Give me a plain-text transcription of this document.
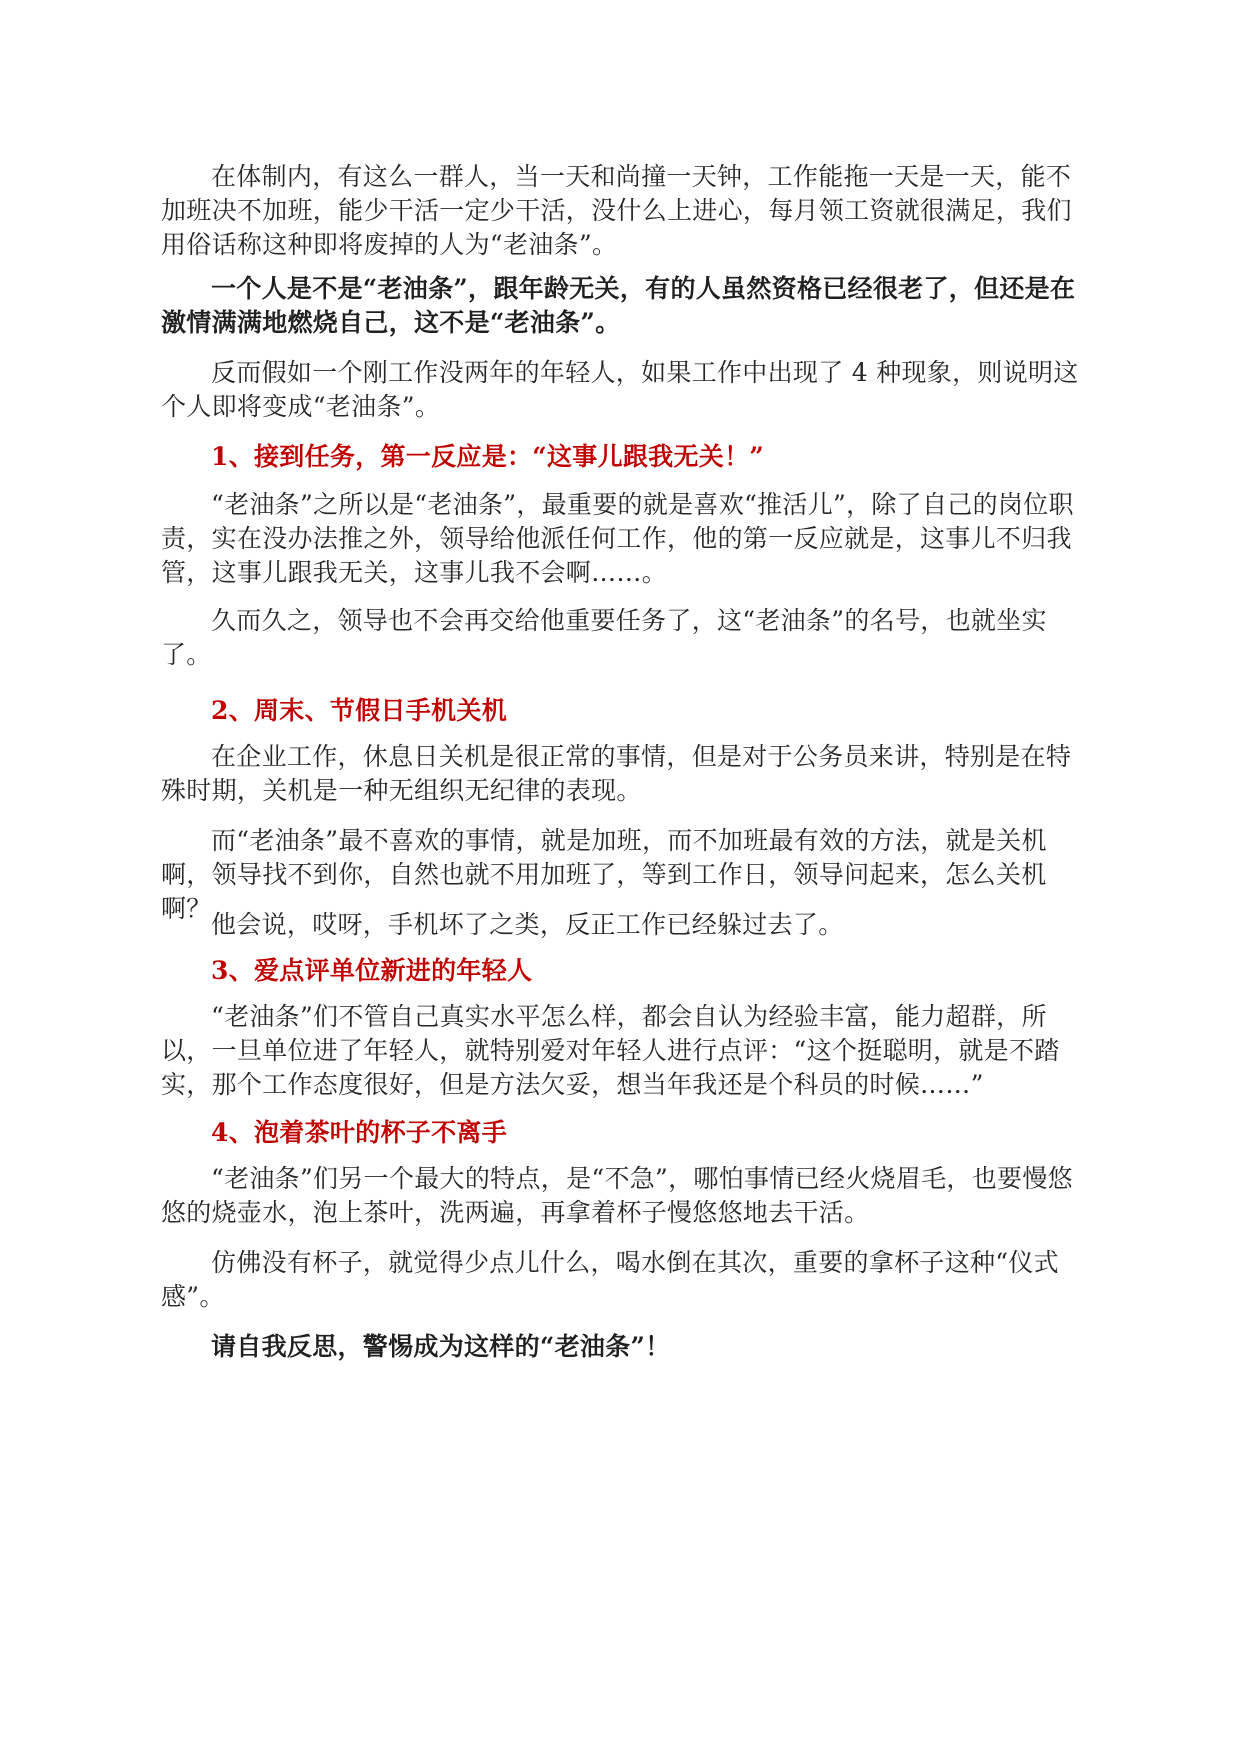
在体制内，有这么一群人，当一天和尚撞一天钟，工作能拖一天是一天，能不加班决不加班，能少干活一定少干活，没什么上进心，每月领工资就很满足，我们用俗话称这种即将废掉的人为“老油条”。

一个人是不是“老油条”，跟年龄无关，有的人虽然资格已经很老了，但还是在激情满满地燃烧自己，这不是“老油条”。

反而假如一个刚工作没两年的年轻人，如果工作中出现了 4 种现象，则说明这个人即将变成“老油条”。

1、接到任务，第一反应是：“这事儿跟我无关！”

“老油条”之所以是“老油条”，最重要的就是喜欢“推活儿”，除了自己的岗位职责，实在没办法推之外，领导给他派任何工作，他的第一反应就是，这事儿不归我管，这事儿跟我无关，这事儿我不会啊……。

久而久之，领导也不会再交给他重要任务了，这“老油条”的名号，也就坐实了。

2、周末、节假日手机关机

在企业工作，休息日关机是很正常的事情，但是对于公务员来讲，特别是在特殊时期，关机是一种无组织无纪律的表现。

而“老油条”最不喜欢的事情，就是加班，而不加班最有效的方法，就是关机啊，领导找不到你，自然也就不用加班了，等到工作日，领导问起来，怎么关机啊？

他会说，哎呀，手机坏了之类，反正工作已经躲过去了。

3、爱点评单位新进的年轻人

“老油条”们不管自己真实水平怎么样，都会自认为经验丰富，能力超群，所以，一旦单位进了年轻人，就特别爱对年轻人进行点评：“这个挺聪明，就是不踏实，那个工作态度很好，但是方法欠妥，想当年我还是个科员的时候……”

4、泡着茶叶的杯子不离手

“老油条”们另一个最大的特点，是“不急”，哪怕事情已经火烧眉毛，也要慢悠悠的烧壶水，泡上茶叶，洗两遍，再拿着杯子慢悠悠地去干活。

仿佛没有杯子，就觉得少点儿什么，喝水倒在其次，重要的拿杯子这种“仪式感”。

请自我反思，警惕成为这样的“老油条”！
